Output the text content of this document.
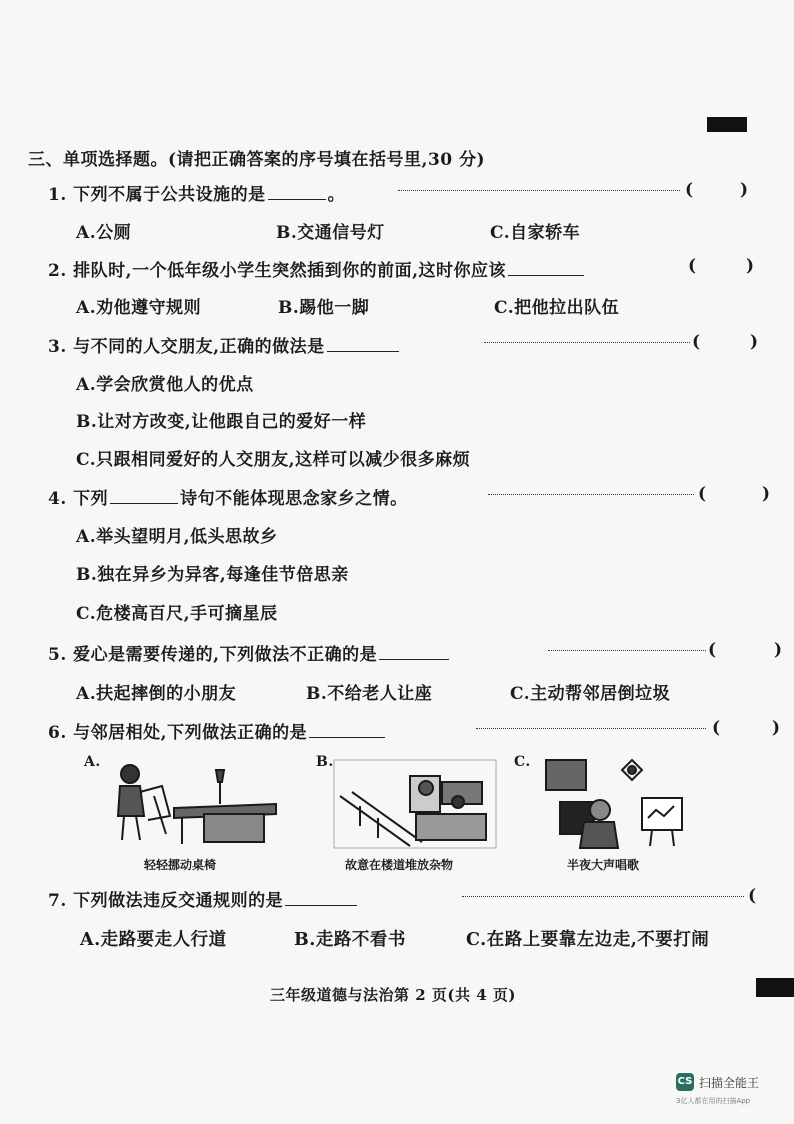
三、单项选择题。(请把正确答案的序号填在括号里,30 分)
1. 下列不属于公共设施的是	。	(	)
A.公厕	B.交通信号灯	C.自家轿车
2. 排队时,一个低年级小学生突然插到你的前面,这时你应该	(	)
A.劝他遵守规则	B.踢他一脚	C.把他拉出队伍
3. 与不同的人交朋友,正确的做法是	(	)
A.学会欣赏他人的优点
B.让对方改变,让他跟自己的爱好一样
C.只跟相同爱好的人交朋友,这样可以减少很多麻烦
4. 下列	诗句不能体现思念家乡之情。	(	)
A.举头望明月,低头思故乡
B.独在异乡为异客,每逢佳节倍思亲
C.危楼高百尺,手可摘星辰
5. 爱心是需要传递的,下列做法不正确的是	(	)
A.扶起摔倒的小朋友	B.不给老人让座	C.主动帮邻居倒垃圾
6. 与邻居相处,下列做法正确的是	(	)
A.	B.	C.
轻轻挪动桌椅	故意在楼道堆放杂物	半夜大声唱歌
7. 下列做法违反交通规则的是	(
A.走路要走人行道	B.走路不看书	C.在路上要靠左边走,不要打闹
三年级道德与法治第 2 页(共 4 页)
CS 扫描全能王
3亿人都在用的扫描App
